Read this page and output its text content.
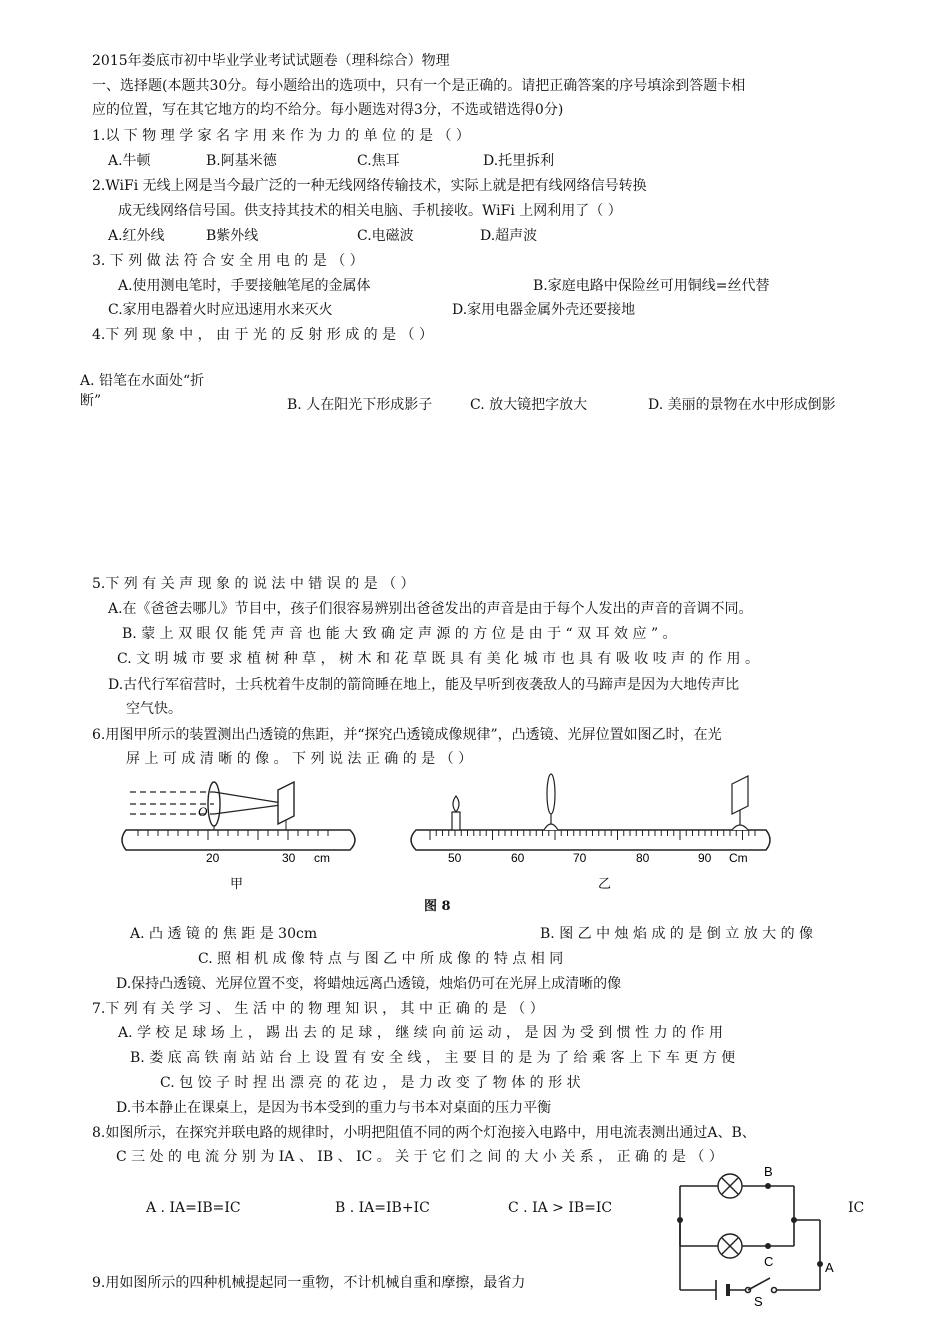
2015年娄底市初中毕业学业考试试题卷（理科综合）物理
一、选择题(本题共30分。每小题给出的选项中，只有一个是正确的。请把正确答案的序号填涂到答题卡相
应的位置，写在其它地方的均不给分。每小题选对得3分，不选或错选得0分)
1.以 下 物 理 学 家 名 字 用 来 作 为 力 的 单 位 的 是 （ ）
A.牛顿	B.阿基米德	C.焦耳	D.托里拆利
2.WiFi 无线上网是当今最广泛的一种无线网络传输技术，实际上就是把有线网络信号转换
成无线网络信号国。供支持其技术的相关电脑、手机接收。WiFi 上网利用了（ ）
A.红外线	B紫外线	C.电磁波	D.超声波
3. 下 列 做 法 符 合 安 全 用 电 的 是 （ ）
A.使用测电笔时，手要接触笔尾的金属体	B.家庭电路中保险丝可用铜线=丝代替
C.家用电器着火时应迅速用水来灭火	D.家用电器金属外壳还要接地
4.下 列 现 象 中 ， 由 于 光 的 反 射 形 成 的 是 （ ）
A. 铅笔在水面处“折
断”	B. 人在阳光下形成影子	C. 放大镜把字放大	D. 美丽的景物在水中形成倒影
5.下 列 有 关 声 现 象 的 说 法 中 错 误 的 是 （ ）
A.在《爸爸去哪儿》节目中，孩子们很容易辨别出爸爸发出的声音是由于每个人发出的声音的音调不同。
B. 蒙 上 双 眼 仅 能 凭 声 音 也 能 大 致 确 定 声 源 的 方 位 是 由 于 “ 双 耳 效 应 ” 。
C. 文 明 城 市 要 求 植 树 种 草 ， 树 木 和 花 草 既 具 有 美 化 城 市 也 具 有 吸 收 吱 声 的 作 用 。
D.古代行军宿营时，士兵枕着牛皮制的箭筒睡在地上，能及早听到夜袭敌人的马蹄声是因为大地传声比
空气快。
6.用图甲所示的装置测出凸透镜的焦距，并“探究凸透镜成像规律”，凸透镜、光屏位置如图乙时，在光
屏 上 可 成 清 晰 的 像 。 下 列 说 法 正 确 的 是 （ ）
O
20	30 cm
甲
50	60	70	80	90 Cm
乙
图 8
A. 凸 透 镜 的 焦 距 是 30cm	B. 图 乙 中 烛 焰 成 的 是 倒 立 放 大 的 像
C. 照 相 机 成 像 特 点 与 图 乙 中 所 成 像 的 特 点 相 同
D.保持凸透镜、光屏位置不变，将蜡烛远离凸透镜，烛焰仍可在光屏上成清晰的像
7.下 列 有 关 学 习 、 生 活 中 的 物 理 知 识 ， 其 中 正 确 的 是 （ ）
A. 学 校 足 球 场 上 ， 踢 出 去 的 足 球 ， 继 续 向 前 运 动 ， 是 因 为 受 到 惯 性 力 的 作 用
B. 娄 底 高 铁 南 站 站 台 上 设 置 有 安 全 线 ， 主 要 目 的 是 为 了 给 乘 客 上 下 车 更 方 便
C. 包 饺 子 时 捏 出 漂 亮 的 花 边 ， 是 力 改 变 了 物 体 的 形 状
D.书本静止在课桌上，是因为书本受到的重力与书本对桌面的压力平衡
8.如图所示，在探究并联电路的规律时，小明把阻值不同的两个灯泡接入电路中，用电流表测出通过A、B、
C 三 处 的 电 流 分 别 为 IA 、 IB 、 IC 。 关 于 它 们 之 间 的 大 小 关 系 ， 正 确 的 是 （ ）
A . IA=IB=IC	B . IA=IB+IC	C . IA > IB=IC	IC
B
C	A
S
9.用如图所示的四种机械提起同一重物，不计机械自重和摩擦，最省力
